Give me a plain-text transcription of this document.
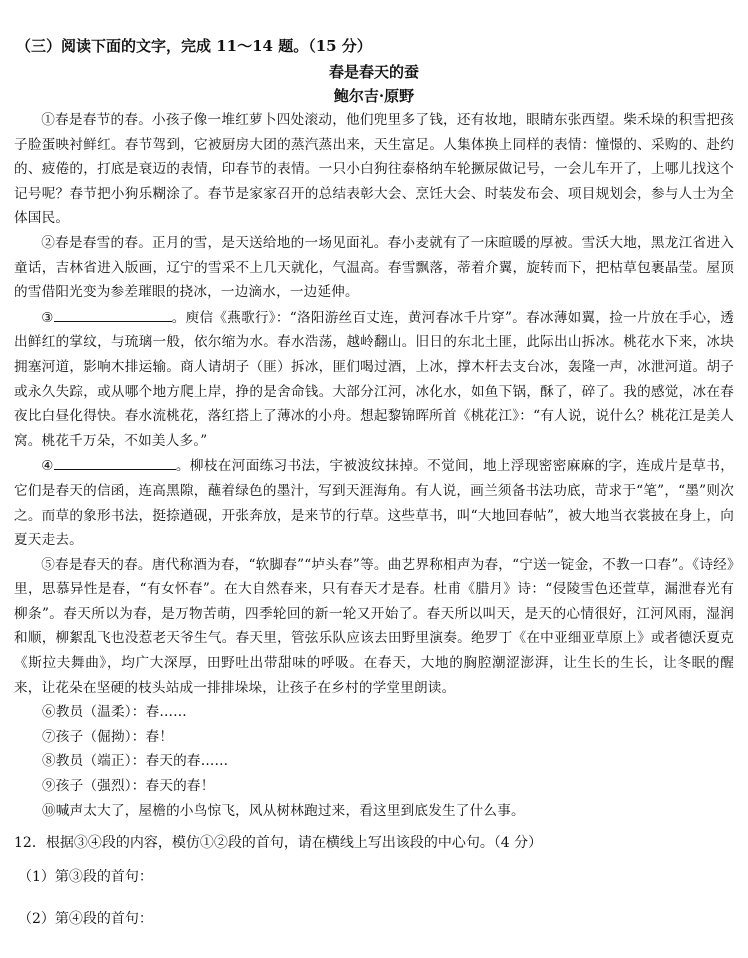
（三）阅读下面的文字，完成 11～14 题。（15 分）
春是春天的蚕
鲍尔吉·原野

①春是春节的春。小孩子像一堆红萝卜四处滚动，他们兜里多了钱，还有妆地，眼睛东张西望。柴禾垛的积雪把孩子脸蛋映衬鲜红。春节驾到，它被厨房大团的蒸汽蒸出来，天生富足。人集体换上同样的表情：憧憬的、采购的、赴约的、疲倦的，打底是衰迈的表情，印春节的表情。一只小白狗往泰格纳车轮撅尿做记号，一会儿车开了，上哪儿找这个记号呢？春节把小狗乐糊涂了。春节是家家召开的总结表彰大会、烹饪大会、时装发布会、项目规划会，参与人士为全体国民。

②春是春雪的春。正月的雪，是天送给地的一场见面礼。春小麦就有了一床暄暖的厚被。雪沃大地，黑龙江省进入童话，吉林省进入版画，辽宁的雪采不上几天就化，气温高。春雪飘落，蒂着介翼，旋转而下，把枯草包裹晶莹。屋顶的雪借阳光变为参差璀眼的挠冰，一边滴水，一边延伸。

③	。庾信《燕歌行》：“洛阳游丝百丈连，黄河春冰千片穿”。春冰薄如翼，捡一片放在手心，透出鲜红的掌纹，与琉璃一般，依尔缩为水。春水浩荡，越岭翻山。旧日的东北土匪，此际出山拆冰。桃花水下来，冰块拥塞河道，影响木排运输。商人请胡子（匪）拆冰，匪们喝过酒，上冰，撑木杆去支台冰，轰隆一声，冰泄河道。胡子或永久失踪，或从哪个地方爬上岸，挣的是舍命钱。大部分江河，冰化水，如鱼下锅，酥了，碎了。我的感觉，冰在春夜比白昼化得快。春水流桃花，落红搭上了薄冰的小舟。想起黎锦晖所首《桃花江》：“有人说，说什么？桃花江是美人窝。桃花千万朵，不如美人多。”

④	。柳枝在河面练习书法，宇被波纹抹掉。不觉间，地上浮现密密麻麻的字，连成片是草书，它们是春天的信函，连高黑隙，蘸着绿色的墨汁，写到天涯海角。有人说，画兰须备书法功底，苛求于“笔”，“墨”则次之。而草的象形书法，挺捺遒砚，开张奔放，是来节的行草。这些草书，叫“大地回春帖”，被大地当衣裳披在身上，向夏天走去。

⑤春是春天的春。唐代称酒为春，“软脚春”“垆头春”等。曲艺界称相声为春，“宁送一锭金，不教一口春”。《诗经》里，思慕异性是春，“有女怀春”。在大自然春来，只有春天才是春。杜甫《腊月》诗：“侵陵雪色还萱草，漏泄春光有柳条”。春天所以为春，是万物苦萌，四季轮回的新一轮又开始了。春天所以叫天，是天的心情很好，江河风雨，湿润和顺，柳絮乱飞也没惹老天爷生气。春天里，管弦乐队应该去田野里演奏。绝罗丁《在中亚细亚草原上》或者德沃夏克《斯拉夫舞曲》，均广大深厚，田野吐出带甜味的呼吸。在春天，大地的胸腔潮涩澎湃，让生长的生长，让冬眠的醒来，让花朵在坚硬的枝头站成一排排垛垛，让孩子在乡村的学堂里朗读。

⑥教员（温柔）：春……
⑦孩子（倔拗）：春！
⑧教员（端正）：春天的春……
⑨孩子（强烈）：春天的春！
⑩喊声太大了，屋檐的小鸟惊飞，风从树林跑过来，看这里到底发生了什么事。
12．根据③④段的内容，模仿①②段的首句，请在横线上写出该段的中心句。（4 分）
（1）第③段的首句：
（2）第④段的首句：
